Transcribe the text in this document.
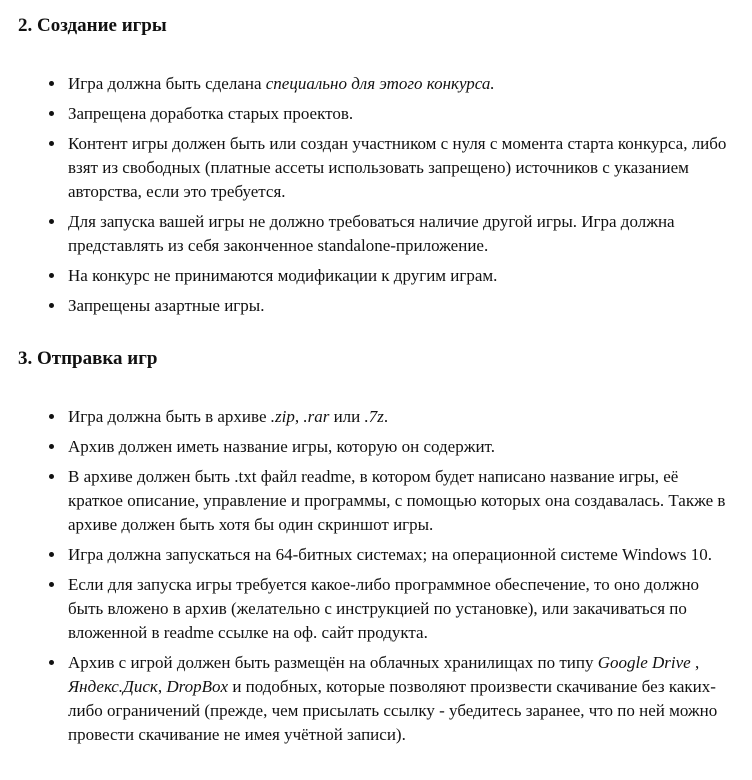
2. Создание игры
• Игра должна быть сделана специально для этого конкурса.
• Запрещена доработка старых проектов.
• Контент игры должен быть или создан участником с нуля с момента старта конкурса, либо взят из свободных (платные ассеты использовать запрещено) источников с указанием авторства, если это требуется.
• Для запуска вашей игры не должно требоваться наличие другой игры. Игра должна представлять из себя законченное standalone-приложение.
• На конкурс не принимаются модификации к другим играм.
• Запрещены азартные игры.
3. Отправка игр
• Игра должна быть в архиве .zip, .rar или .7z.
• Архив должен иметь название игры, которую он содержит.
• В архиве должен быть .txt файл readme, в котором будет написано название игры, её краткое описание, управление и программы, с помощью которых она создавалась. Также в архиве должен быть хотя бы один скриншот игры.
• Игра должна запускаться на 64-битных системах; на операционной системе Windows 10.
• Если для запуска игры требуется какое-либо программное обеспечение, то оно должно быть вложено в архив (желательно с инструкцией по установке), или закачиваться по вложенной в readme ссылке на оф. сайт продукта.
• Архив с игрой должен быть размещён на облачных хранилищах по типу Google Drive , Яндекс.Диск, DropBox и подобных, которые позволяют произвести скачивание без каких-либо ограничений (прежде, чем присылать ссылку - убедитесь заранее, что по ней можно провести скачивание не имея учётной записи).
